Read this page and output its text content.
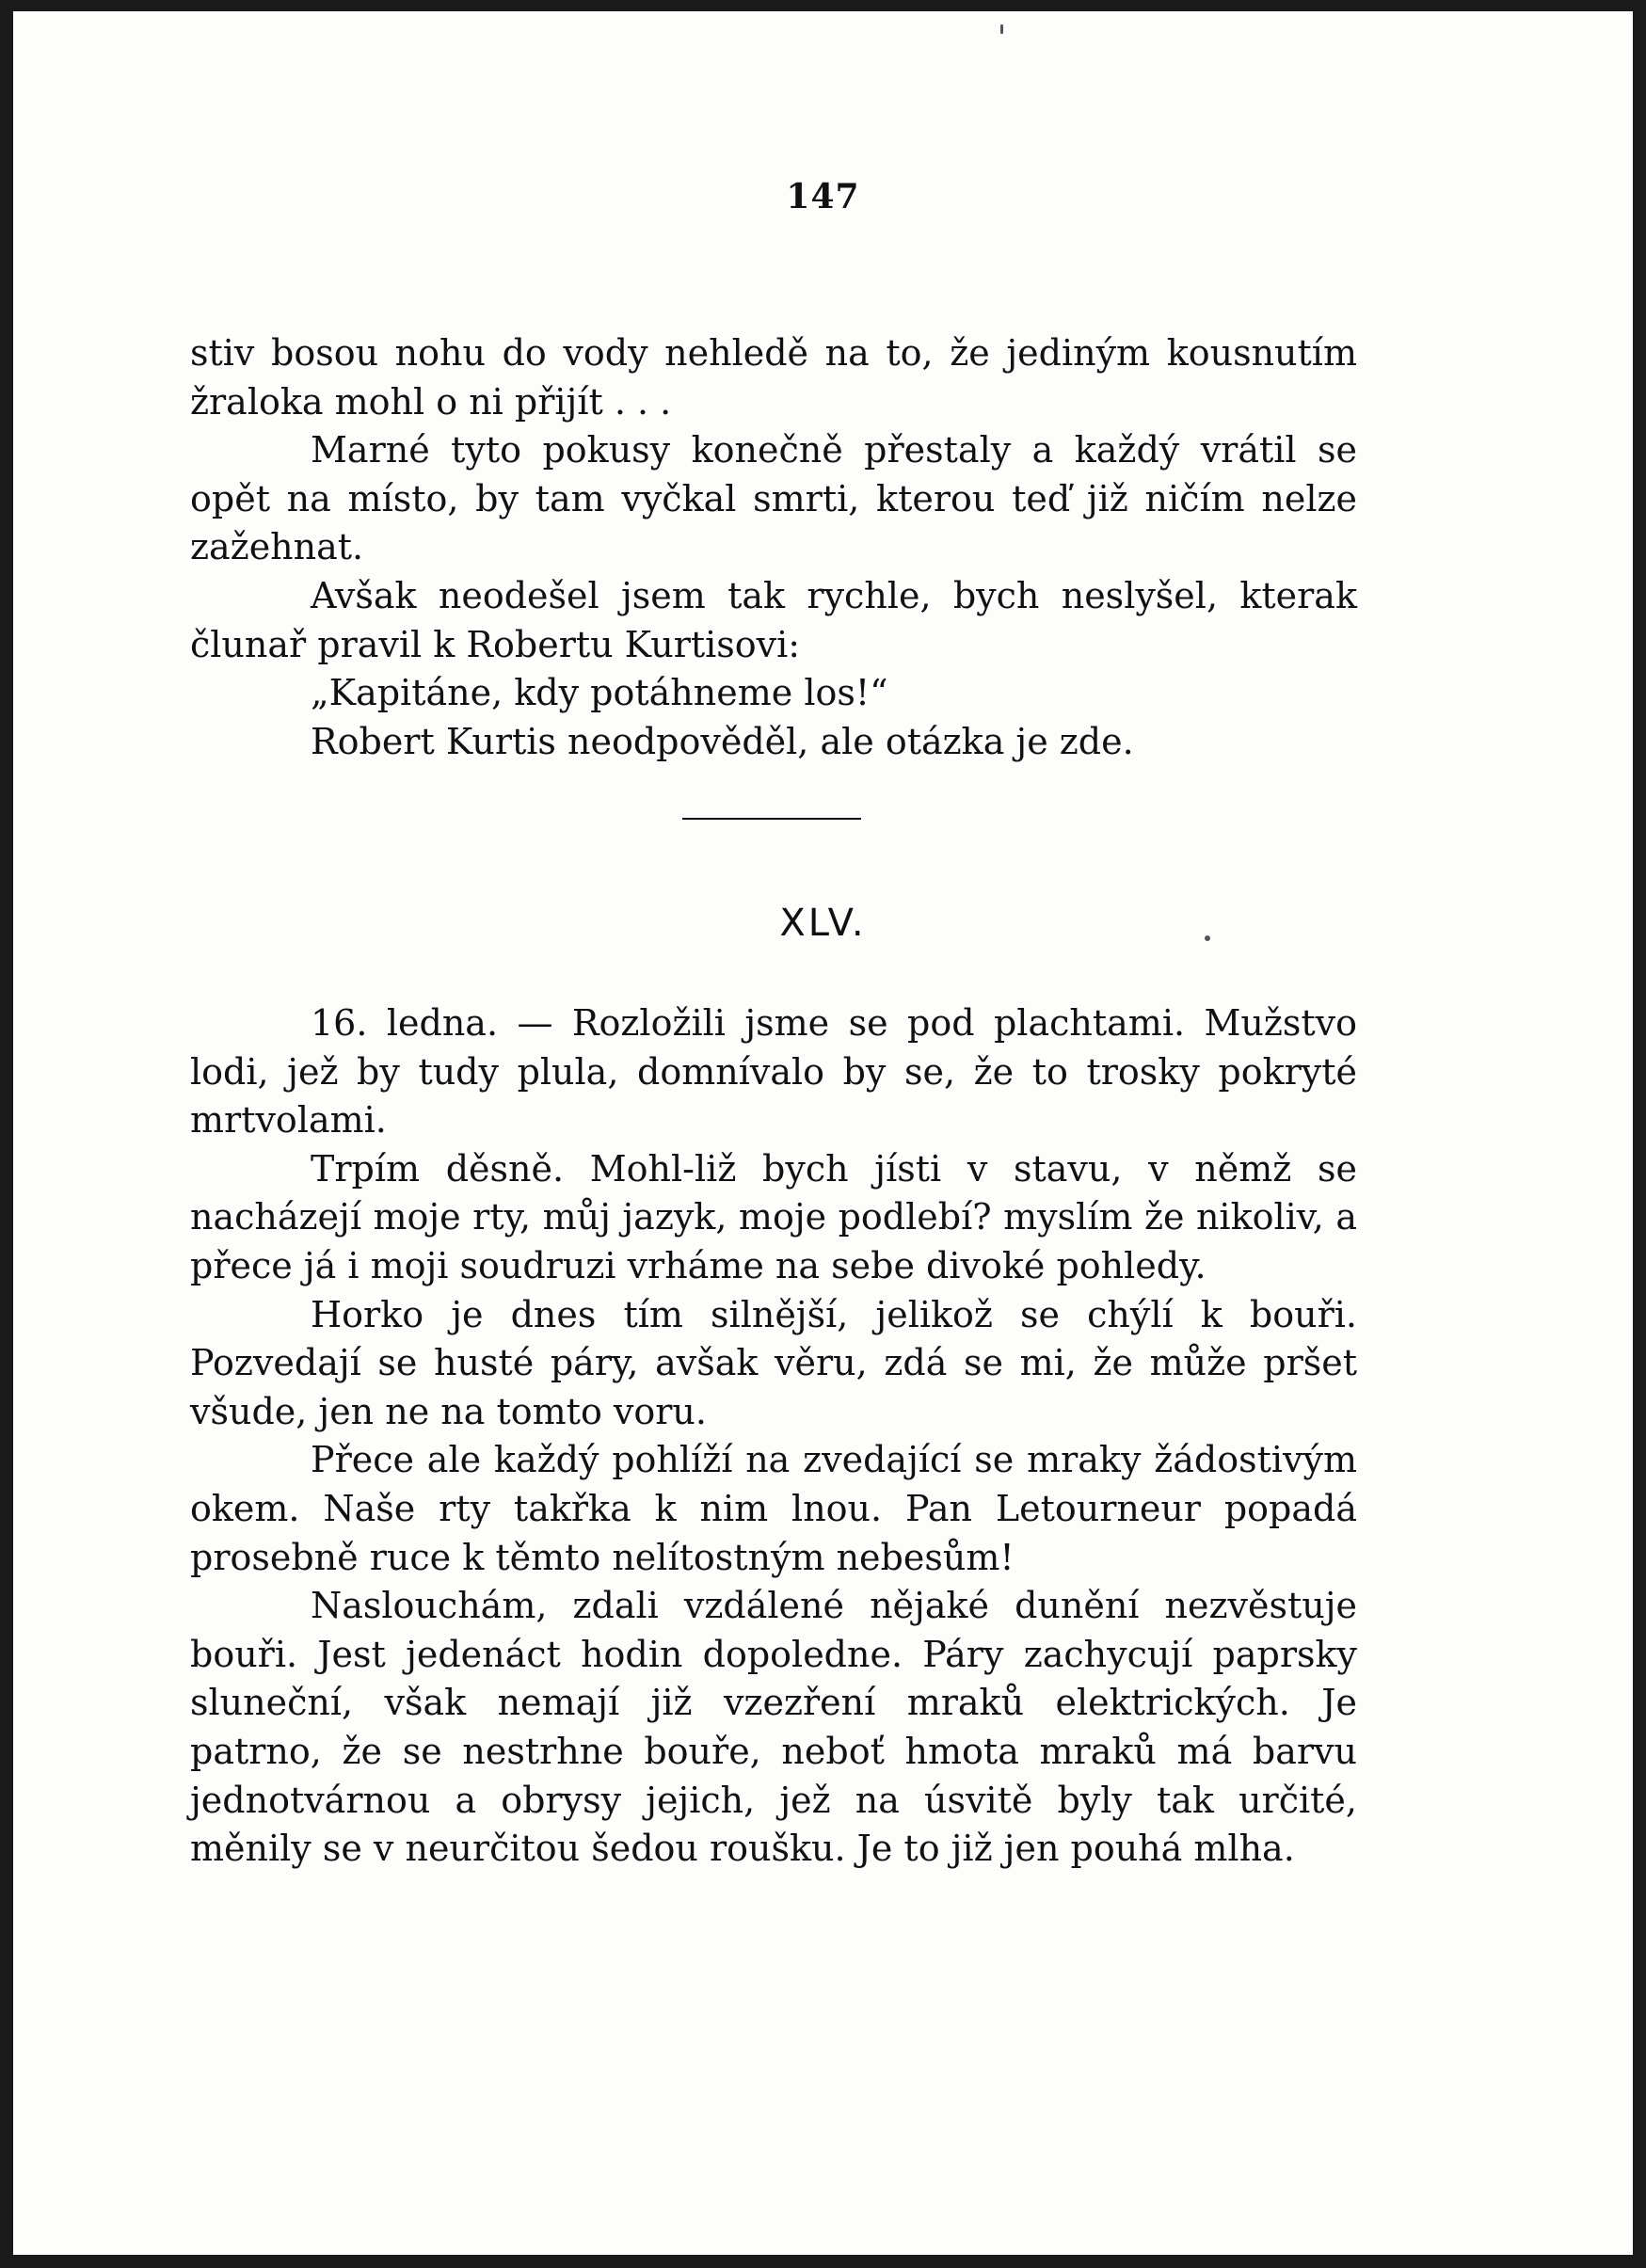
147

stiv bosou nohu do vody nehledě na to, že jediným kousnutím žraloka mohl o ni přijít . . .

Marné tyto pokusy konečně přestaly a každý vrátil se opět na místo, by tam vyčkal smrti, kterou teď již ničím nelze zažehnat.

Avšak neodešel jsem tak rychle, bych neslyšel, kterak člunař pravil k Robertu Kurtisovi:

„Kapitáne, kdy potáhneme los!“

Robert Kurtis neodpověděl, ale otázka je zde.

XLV.

16. ledna. — Rozložili jsme se pod plachtami. Mužstvo lodi, jež by tudy plula, domnívalo by se, že to trosky pokryté mrtvolami.

Trpím děsně. Mohl-liž bych jísti v stavu, v němž se nacházejí moje rty, můj jazyk, moje podlebí? myslím že nikoliv, a přece já i moji soudruzi vrháme na sebe divoké pohledy.

Horko je dnes tím silnější, jelikož se chýlí k bouři. Pozvedají se husté páry, avšak věru, zdá se mi, že může pršet všude, jen ne na tomto voru.

Přece ale každý pohlíží na zvedající se mraky žádostivým okem. Naše rty takřka k nim lnou. Pan Letourneur popadá prosebně ruce k těmto nelítostným nebesům!

Naslouchám, zdali vzdálené nějaké dunění nezvěstuje bouři. Jest jedenáct hodin dopoledne. Páry zachycují paprsky sluneční, však nemají již vzezření mraků elektrických. Je patrno, že se nestrhne bouře, neboť hmota mraků má barvu jednotvárnou a obrysy jejich, jež na úsvitě byly tak určité, měnily se v neurčitou šedou roušku. Je to již jen pouhá mlha.
